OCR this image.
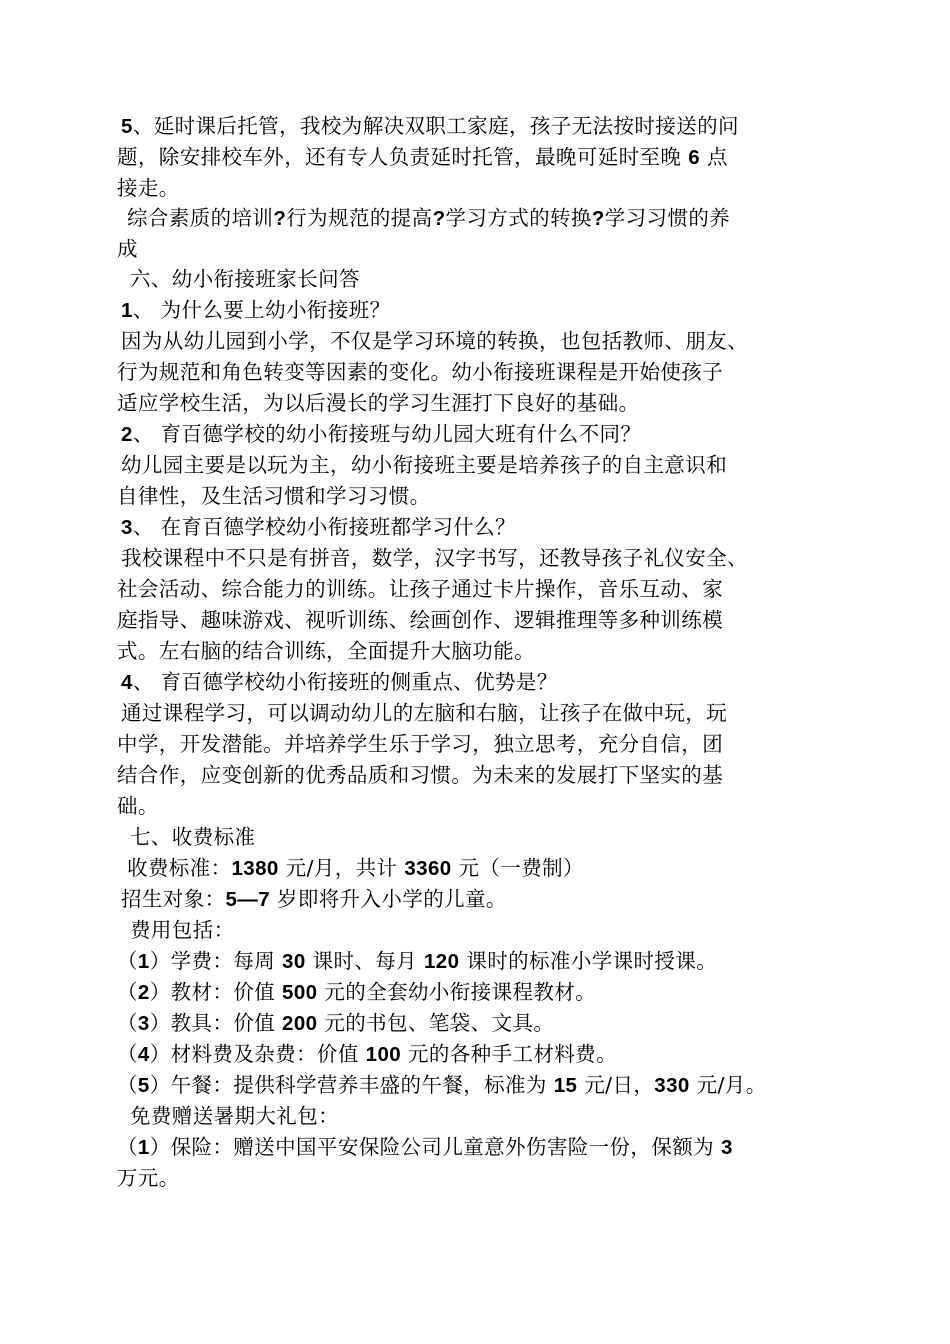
5、延时课后托管，我校为解决双职工家庭，孩子无法按时接送的问
题，除安排校车外，还有专人负责延时托管，最晚可延时至晚 6 点
接走。
综合素质的培训?行为规范的提高?学习方式的转换?学习习惯的养
成
六、幼小衔接班家长问答
1、 为什么要上幼小衔接班？
因为从幼儿园到小学，不仅是学习环境的转换，也包括教师、朋友、
行为规范和角色转变等因素的变化。幼小衔接班课程是开始使孩子
适应学校生活，为以后漫长的学习生涯打下良好的基础。
2、 育百德学校的幼小衔接班与幼儿园大班有什么不同？
幼儿园主要是以玩为主，幼小衔接班主要是培养孩子的自主意识和
自律性，及生活习惯和学习习惯。
3、 在育百德学校幼小衔接班都学习什么？
我校课程中不只是有拼音，数学，汉字书写，还教导孩子礼仪安全、
社会活动、综合能力的训练。让孩子通过卡片操作，音乐互动、家
庭指导、趣味游戏、视听训练、绘画创作、逻辑推理等多种训练模
式。左右脑的结合训练，全面提升大脑功能。
4、 育百德学校幼小衔接班的侧重点、优势是？
通过课程学习，可以调动幼儿的左脑和右脑，让孩子在做中玩，玩
中学，开发潜能。并培养学生乐于学习，独立思考，充分自信，团
结合作，应变创新的优秀品质和习惯。为未来的发展打下坚实的基
础。
七、收费标准
收费标准：1380 元/月，共计 3360 元（一费制）
招生对象：5—7 岁即将升入小学的儿童。
费用包括：
（1）学费：每周 30 课时、每月 120 课时的标准小学课时授课。
（2）教材：价值 500 元的全套幼小衔接课程教材。
（3）教具：价值 200 元的书包、笔袋、文具。
（4）材料费及杂费：价值 100 元的各种手工材料费。
（5）午餐：提供科学营养丰盛的午餐，标准为 15 元/日，330 元/月。
免费赠送暑期大礼包：
（1）保险：赠送中国平安保险公司儿童意外伤害险一份，保额为 3
万元。
